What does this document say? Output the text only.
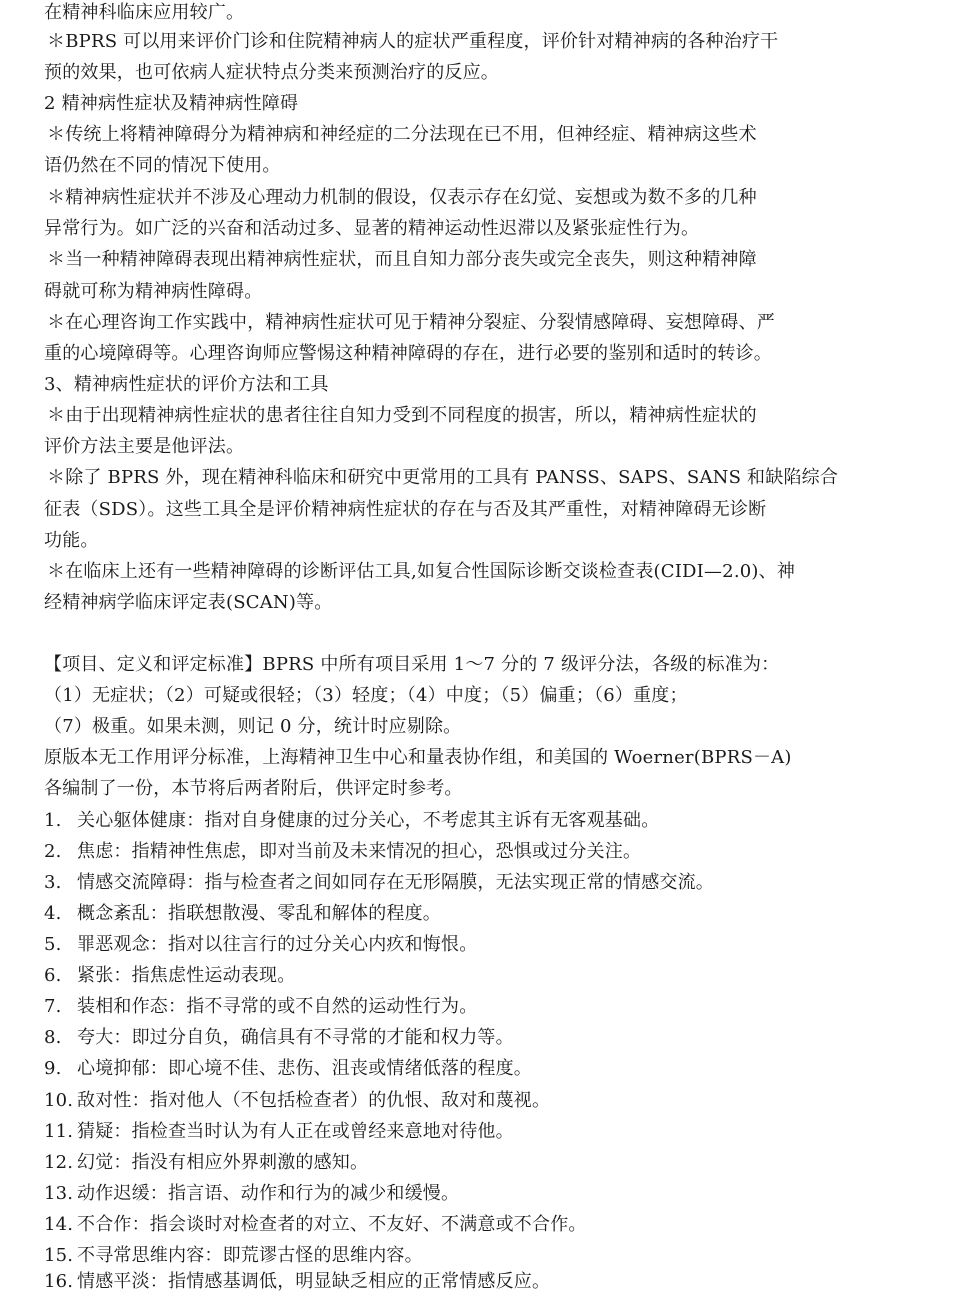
在精神科临床应用较广。
＊BPRS 可以用来评价门诊和住院精神病人的症状严重程度，评价针对精神病的各种治疗干
预的效果，也可依病人症状特点分类来预测治疗的反应。
2 精神病性症状及精神病性障碍
＊传统上将精神障碍分为精神病和神经症的二分法现在已不用，但神经症、精神病这些术
语仍然在不同的情况下使用。
＊精神病性症状并不涉及心理动力机制的假设，仅表示存在幻觉、妄想或为数不多的几种
异常行为。如广泛的兴奋和活动过多、显著的精神运动性迟滞以及紧张症性行为。
＊当一种精神障碍表现出精神病性症状，而且自知力部分丧失或完全丧失，则这种精神障
碍就可称为精神病性障碍。
＊在心理咨询工作实践中，精神病性症状可见于精神分裂症、分裂情感障碍、妄想障碍、严
重的心境障碍等。心理咨询师应警惕这种精神障碍的存在，进行必要的鉴别和适时的转诊。
3、精神病性症状的评价方法和工具
＊由于出现精神病性症状的患者往往自知力受到不同程度的损害，所以，精神病性症状的
评价方法主要是他评法。
＊除了 BPRS 外，现在精神科临床和研究中更常用的工具有 PANSS、SAPS、SANS 和缺陷综合
征表（SDS）。这些工具全是评价精神病性症状的存在与否及其严重性，对精神障碍无诊断
功能。
＊在临床上还有一些精神障碍的诊断评估工具,如复合性国际诊断交谈检查表(CIDI—2.0)、神
经精神病学临床评定表(SCAN)等。
【项目、定义和评定标准】BPRS 中所有项目采用 1～7 分的 7 级评分法，各级的标准为：
（1）无症状；（2）可疑或很轻；（3）轻度；（4）中度；（5）偏重；（6）重度；
（7）极重。如果未测，则记 0 分，统计时应剔除。
原版本无工作用评分标准，上海精神卫生中心和量表协作组，和美国的 Woerner(BPRS－A)
各编制了一份，本节将后两者附后，供评定时参考。
1. 关心躯体健康：指对自身健康的过分关心，不考虑其主诉有无客观基础。
2. 焦虑：指精神性焦虑，即对当前及未来情况的担心，恐惧或过分关注。
3. 情感交流障碍：指与检查者之间如同存在无形隔膜，无法实现正常的情感交流。
4. 概念紊乱：指联想散漫、零乱和解体的程度。
5. 罪恶观念：指对以往言行的过分关心内疚和悔恨。
6. 紧张：指焦虑性运动表现。
7. 装相和作态：指不寻常的或不自然的运动性行为。
8. 夸大：即过分自负，确信具有不寻常的才能和权力等。
9. 心境抑郁：即心境不佳、悲伤、沮丧或情绪低落的程度。
10. 敌对性：指对他人（不包括检查者）的仇恨、敌对和蔑视。
11. 猜疑：指检查当时认为有人正在或曾经来意地对待他。
12. 幻觉：指没有相应外界刺激的感知。
13. 动作迟缓：指言语、动作和行为的减少和缓慢。
14. 不合作：指会谈时对检查者的对立、不友好、不满意或不合作。
15. 不寻常思维内容：即荒谬古怪的思维内容。
16. 情感平淡：指情感基调低，明显缺乏相应的正常情感反应。
